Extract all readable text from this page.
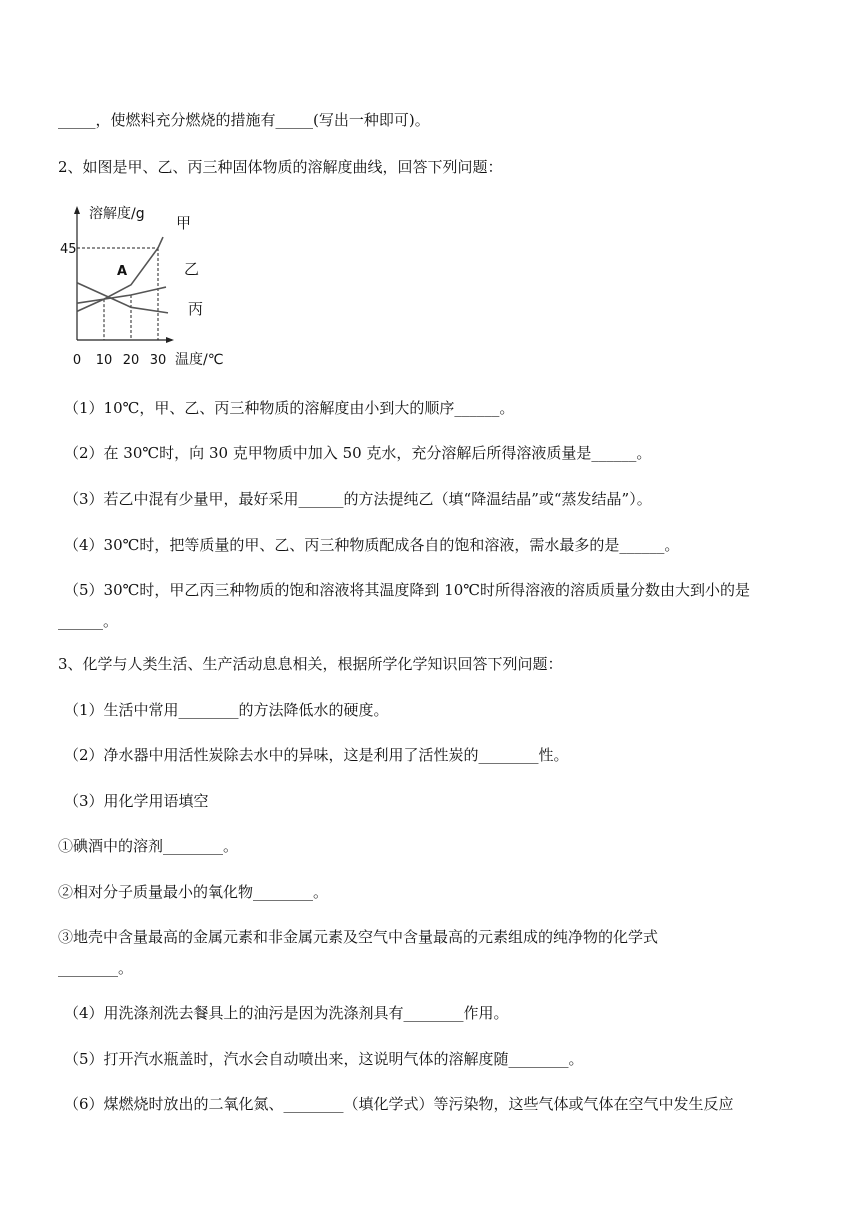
_____，使燃料充分燃烧的措施有_____(写出一种即可)。
2、如图是甲、乙、丙三种固体物质的溶解度曲线，回答下列问题：
溶解度/g
温度/℃
0 10 20 30
45
甲
乙
丙
A
（1）10℃，甲、乙、丙三种物质的溶解度由小到大的顺序______。
（2）在 30℃时，向 30 克甲物质中加入 50 克水，充分溶解后所得溶液质量是______。
（3）若乙中混有少量甲，最好采用______的方法提纯乙（填“降温结晶”或“蒸发结晶”）。
（4）30℃时，把等质量的甲、乙、丙三种物质配成各自的饱和溶液，需水最多的是______。
（5）30℃时，甲乙丙三种物质的饱和溶液将其温度降到 10℃时所得溶液的溶质质量分数由大到小的是
______。
3、化学与人类生活、生产活动息息相关，根据所学化学知识回答下列问题：
（1）生活中常用________的方法降低水的硬度。
（2）净水器中用活性炭除去水中的异味，这是利用了活性炭的________性。
（3）用化学用语填空
①碘酒中的溶剂________。
②相对分子质量最小的氧化物________。
③地壳中含量最高的金属元素和非金属元素及空气中含量最高的元素组成的纯净物的化学式
________。
（4）用洗涤剂洗去餐具上的油污是因为洗涤剂具有________作用。
（5）打开汽水瓶盖时，汽水会自动喷出来，这说明气体的溶解度随________。
（6）煤燃烧时放出的二氧化氮、________（填化学式）等污染物，这些气体或气体在空气中发生反应
